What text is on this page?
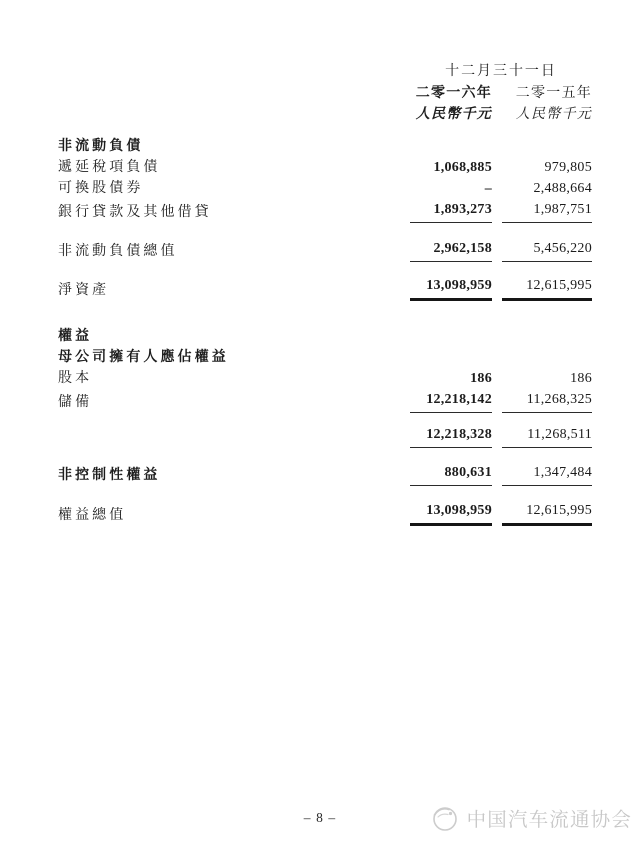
十二月三十一日
二零一六年 二零一五年
人民幣千元 人民幣千元
非流動負債
遞延稅項負債	1,068,885	979,805
可換股債券	–	2,488,664
銀行貸款及其他借貸	1,893,273	1,987,751
非流動負債總值	2,962,158	5,456,220
淨資產	13,098,959 12,615,995
權益
母公司擁有人應佔權益
股本	186	186
儲備	12,218,142 11,268,325
12,218,328	11,268,511
非控制性權益	880,631	1,347,484
權益總值	13,098,959 12,615,995
– 8 –	中国汽车流通协会
